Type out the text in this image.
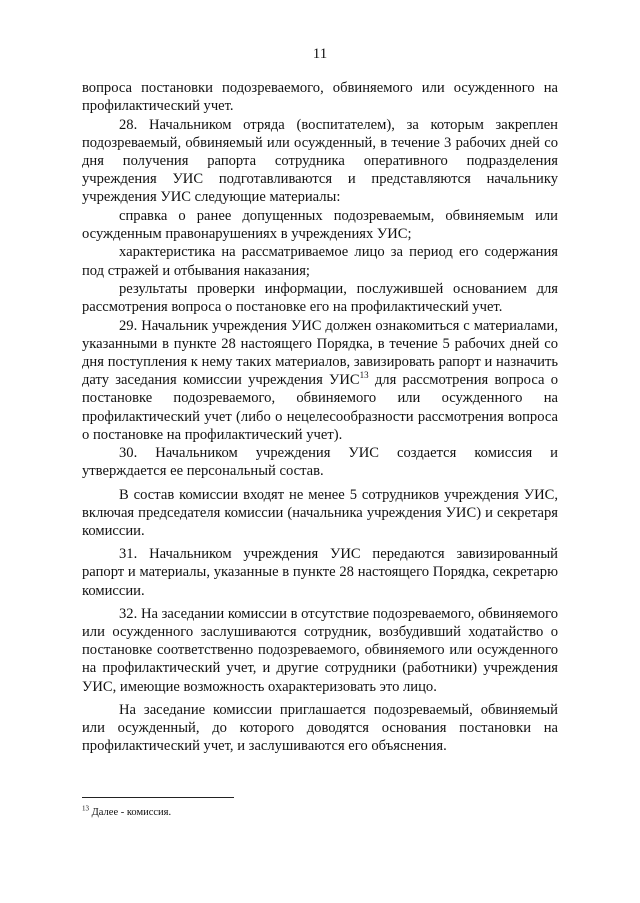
11

вопроса постановки подозреваемого, обвиняемого или осужденного на профилактический учет.

28. Начальником отряда (воспитателем), за которым закреплен подозреваемый, обвиняемый или осужденный, в течение 3 рабочих дней со дня получения рапорта сотрудника оперативного подразделения учреждения УИС подготавливаются и представляются начальнику учреждения УИС следующие материалы:

справка о ранее допущенных подозреваемым, обвиняемым или осужденным правонарушениях в учреждениях УИС;

характеристика на рассматриваемое лицо за период его содержания под стражей и отбывания наказания;

результаты проверки информации, послужившей основанием для рассмотрения вопроса о постановке его на профилактический учет.

29. Начальник учреждения УИС должен ознакомиться с материалами, указанными в пункте 28 настоящего Порядка, в течение 5 рабочих дней со дня поступления к нему таких материалов, завизировать рапорт и назначить дату заседания комиссии учреждения УИС$^{13}$ для рассмотрения вопроса о постановке подозреваемого, обвиняемого или осужденного на профилактический учет (либо о нецелесообразности рассмотрения вопроса о постановке на профилактический учет).

30. Начальником учреждения УИС создается комиссия и утверждается ее персональный состав.

В состав комиссии входят не менее 5 сотрудников учреждения УИС, включая председателя комиссии (начальника учреждения УИС) и секретаря комиссии.

31. Начальником учреждения УИС передаются завизированный рапорт и материалы, указанные в пункте 28 настоящего Порядка, секретарю комиссии.

32. На заседании комиссии в отсутствие подозреваемого, обвиняемого или осужденного заслушиваются сотрудник, возбудивший ходатайство о постановке соответственно подозреваемого, обвиняемого или осужденного на профилактический учет, и другие сотрудники (работники) учреждения УИС, имеющие возможность охарактеризовать это лицо.

На заседание комиссии приглашается подозреваемый, обвиняемый или осужденный, до которого доводятся основания постановки на профилактический учет, и заслушиваются его объяснения.

$^{13}$ Далее - комиссия.
